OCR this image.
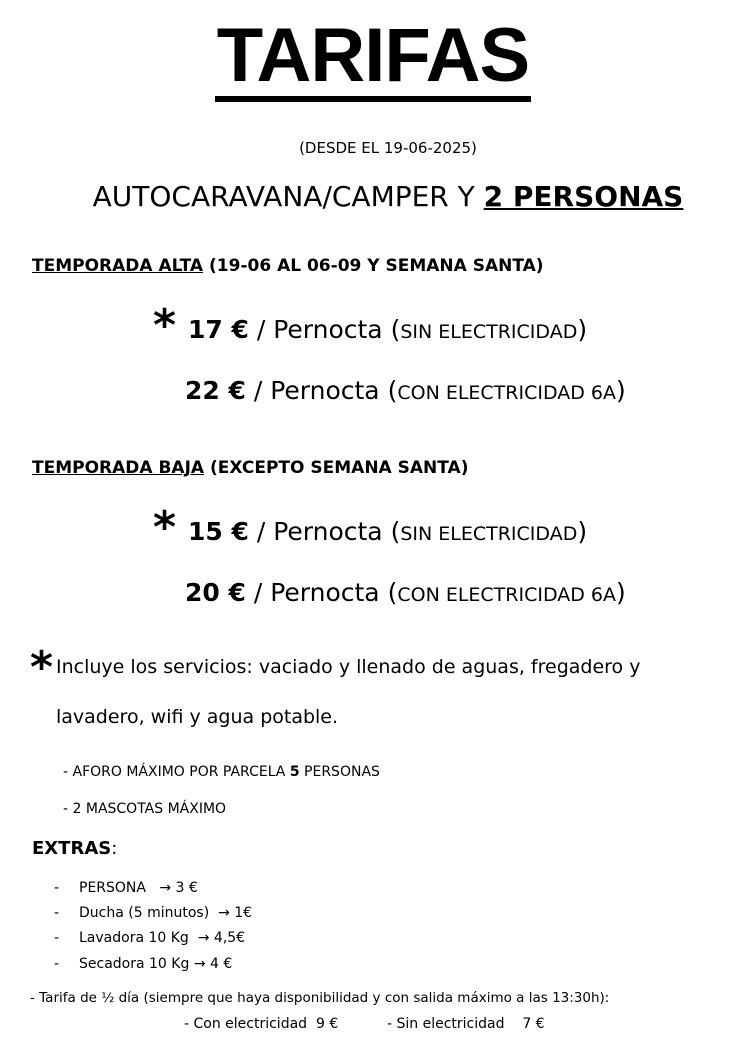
TARIFAS
(DESDE EL 19-06-2025)
AUTOCARAVANA/CAMPER Y 2 PERSONAS
TEMPORADA ALTA (19-06 AL 06-09 Y SEMANA SANTA)
* 17 € / Pernocta (SIN ELECTRICIDAD)
22 € / Pernocta (CON ELECTRICIDAD 6A)
TEMPORADA BAJA (EXCEPTO SEMANA SANTA)
* 15 € / Pernocta (SIN ELECTRICIDAD)
20 € / Pernocta (CON ELECTRICIDAD 6A)
* Incluye los servicios: vaciado y llenado de aguas, fregadero y
lavadero, wifi y agua potable.
- AFORO MÁXIMO POR PARCELA 5 PERSONAS
- 2 MASCOTAS MÁXIMO
EXTRAS:
- PERSONA → 3 €
- Ducha (5 minutos) → 1€
- Lavadora 10 Kg → 4,5€
- Secadora 10 Kg → 4 €
- Tarifa de ½ día (siempre que haya disponibilidad y con salida máximo a las 13:30h):
- Con electricidad 9 €	- Sin electricidad 7 €
